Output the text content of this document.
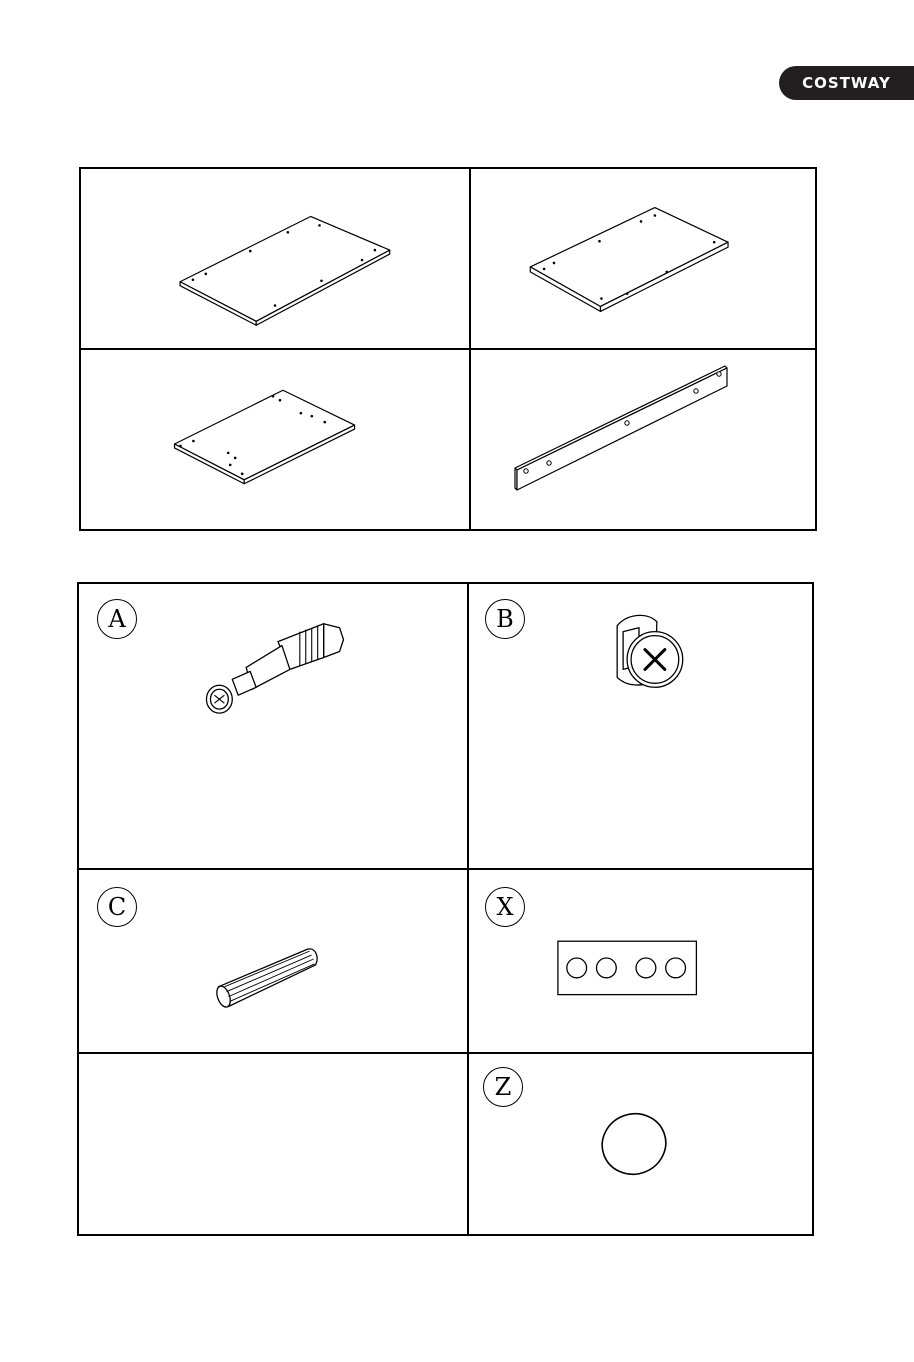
COSTWAY
A	B
C	X
Z
